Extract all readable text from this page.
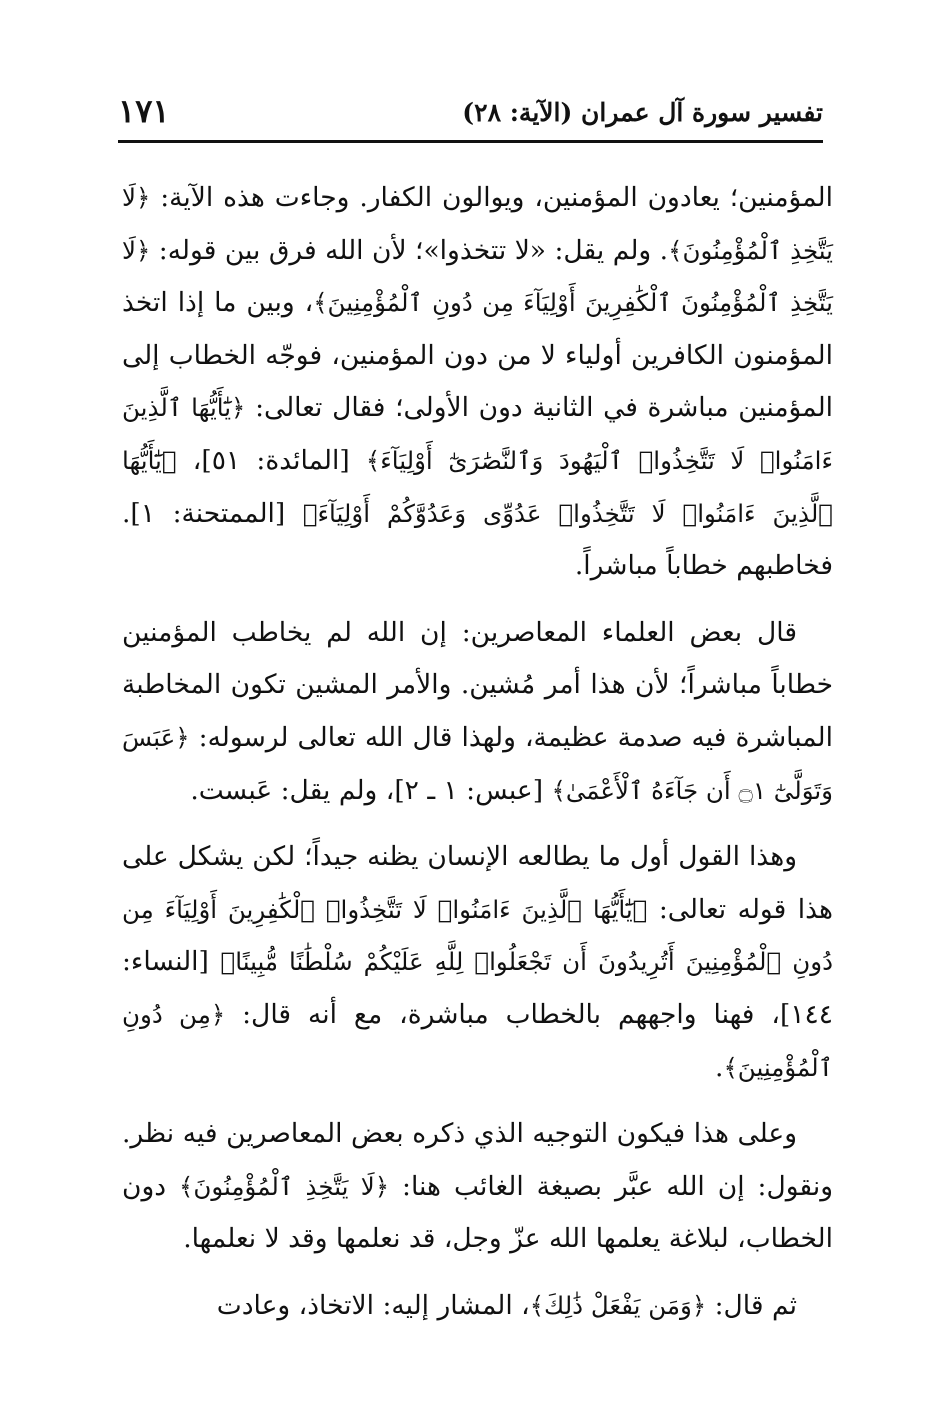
تفسير سورة آل عمران (الآية: ٢٨)
١٧١

المؤمنين؛ يعادون المؤمنين، ويوالون الكفار. وجاءت هذه الآية: ﴿لَا يَتَّخِذِ ٱلْمُؤْمِنُونَ﴾. ولم يقل: «لا تتخذوا»؛ لأن الله فرق بين قوله: ﴿لَا يَتَّخِذِ ٱلْمُؤْمِنُونَ ٱلْكَٰفِرِينَ أَوْلِيَآءَ مِن دُونِ ٱلْمُؤْمِنِينَ﴾، وبين ما إذا اتخذ المؤمنون الكافرين أولياء لا من دون المؤمنين، فوجّه الخطاب إلى المؤمنين مباشرة في الثانية دون الأولى؛ فقال تعالى: ﴿يَٰٓأَيُّهَا ٱلَّذِينَ ءَامَنُوا۟ لَا تَتَّخِذُوا۟ ٱلْيَهُودَ وَٱلنَّصَٰرَىٰٓ أَوْلِيَآءَ﴾ [المائدة: ٥١]، ﴿يَٰٓأَيُّهَا ٱلَّذِينَ ءَامَنُوا۟ لَا تَتَّخِذُوا۟ عَدُوِّى وَعَدُوَّكُمْ أَوْلِيَآءَ﴾ [الممتحنة: ١]. فخاطبهم خطاباً مباشراً.

قال بعض العلماء المعاصرين: إن الله لم يخاطب المؤمنين خطاباً مباشراً؛ لأن هذا أمر مُشين. والأمر المشين تكون المخاطبة المباشرة فيه صدمة عظيمة، ولهذا قال الله تعالى لرسوله: ﴿عَبَسَ وَتَوَلَّىٰٓ ۝١ أَن جَآءَهُ ٱلْأَعْمَىٰ﴾ [عبس: ١ ـ ٢]، ولم يقل: عَبست.

وهذا القول أول ما يطالعه الإنسان يظنه جيداً؛ لكن يشكل على هذا قوله تعالى: ﴿يَٰٓأَيُّهَا ٱلَّذِينَ ءَامَنُوا۟ لَا تَتَّخِذُوا۟ ٱلْكَٰفِرِينَ أَوْلِيَآءَ مِن دُونِ ٱلْمُؤْمِنِينَ أَتُرِيدُونَ أَن تَجْعَلُوا۟ لِلَّهِ عَلَيْكُمْ سُلْطَٰنًا مُّبِينًا﴾ [النساء: ١٤٤]، فهنا واجههم بالخطاب مباشرة، مع أنه قال: ﴿مِن دُونِ ٱلْمُؤْمِنِينَ﴾.

وعلى هذا فيكون التوجيه الذي ذكره بعض المعاصرين فيه نظر. ونقول: إن الله عبَّر بصيغة الغائب هنا: ﴿لَا يَتَّخِذِ ٱلْمُؤْمِنُونَ﴾ دون الخطاب، لبلاغة يعلمها الله عزّ وجل، قد نعلمها وقد لا نعلمها.

ثم قال: ﴿وَمَن يَفْعَلْ ذَٰلِكَ﴾، المشار إليه: الاتخاذ، وعادت
